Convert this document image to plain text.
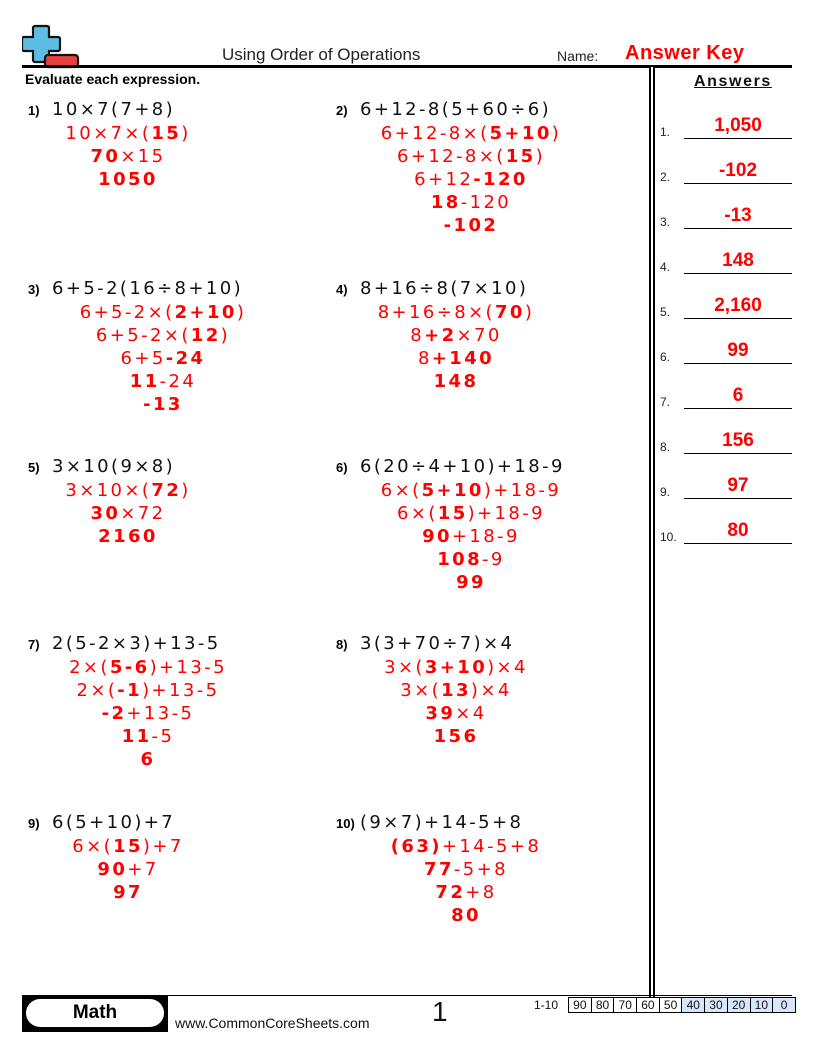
Using Order of Operations	Name: Answer Key
Evaluate each expression.
1) 10×7(7+8)
10×7×(15)
70×15
1050
2) 6+12-8(5+60÷6)
6+12-8×(5+10)
6+12-8×(15)
6+12-120
18-120
-102
3) 6+5-2(16÷8+10)
6+5-2×(2+10)
6+5-2×(12)
6+5-24
11-24
-13
4) 8+16÷8(7×10)
8+16÷8×(70)
8+2×70
8+140
148
5) 3×10(9×8)
3×10×(72)
30×72
2160
6) 6(20÷4+10)+18-9
6×(5+10)+18-9
6×(15)+18-9
90+18-9
108-9
99
7) 2(5-2×3)+13-5
2×(5-6)+13-5
2×(-1)+13-5
-2+13-5
11-5
6
8) 3(3+70÷7)×4
3×(3+10)×4
3×(13)×4
39×4
156
9) 6(5+10)+7
6×(15)+7
90+7
97
10) (9×7)+14-5+8
(63)+14-5+8
77-5+8
72+8
80
Answers
1.	1,050
2.	-102
3.	-13
4.	148
5.	2,160
6.	99
7.	6
8.	156
9.	97
10.	80
Math	www.CommonCoreSheets.com 1	1-10	90 80 70 60 50 40 30 20 10	0
